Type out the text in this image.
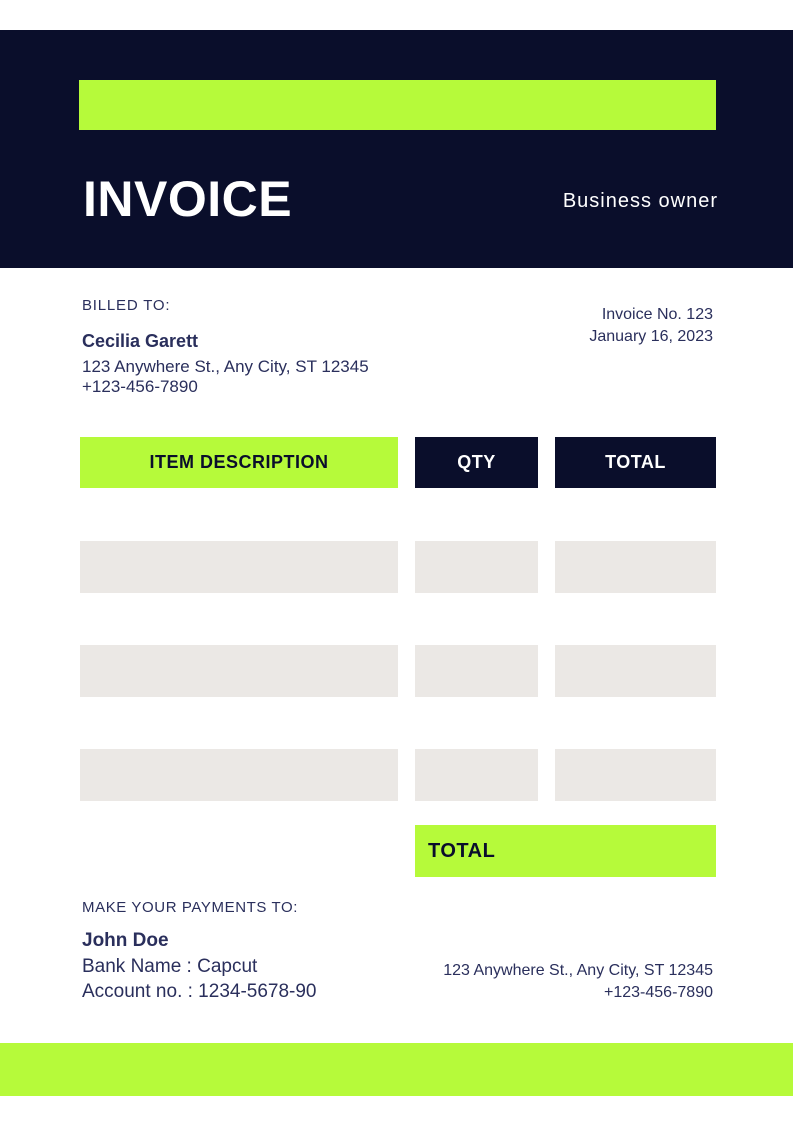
INVOICE	Business owner
BILLED TO:
Cecilia Garett
123 Anywhere St., Any City, ST 12345
+123-456-7890
Invoice No. 123
January 16, 2023
ITEM DESCRIPTION	QTY	TOTAL
TOTAL
MAKE YOUR PAYMENTS TO:
John Doe
Bank Name : Capcut
Account no. : 1234-5678-90
123 Anywhere St., Any City, ST 12345
+123-456-7890
